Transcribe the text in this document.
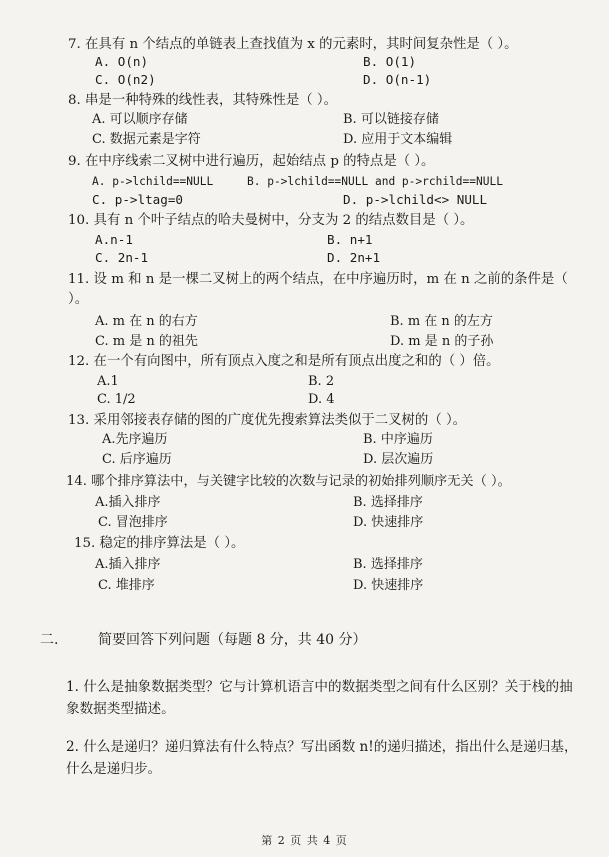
7. 在具有 n 个结点的单链表上查找值为 x 的元素时，其时间复杂性是（ ）。
A. O(n)	B. O(1)
C. O(n2)	D. O(n-1)
8. 串是一种特殊的线性表，其特殊性是（ ）。
A. 可以顺序存储	B. 可以链接存储
C. 数据元素是字符	D. 应用于文本编辑
9. 在中序线索二叉树中进行遍历，起始结点 p 的特点是（ ）。
A. p->lchild==NULL	B. p->lchild==NULL and p->rchild==NULL
C. p->ltag=0	D. p->lchild<> NULL
10. 具有 n 个叶子结点的哈夫曼树中，分支为 2 的结点数目是（ ）。
A.n-1	B. n+1
C. 2n-1	D. 2n+1
11. 设 m 和 n 是一棵二叉树上的两个结点，在中序遍历时，m 在 n 之前的条件是（ ）。
A. m 在 n 的右方	B. m 在 n 的左方
C. m 是 n 的祖先	D. m 是 n 的子孙
12. 在一个有向图中，所有顶点入度之和是所有顶点出度之和的（ ）倍。
A.1	B. 2
C. 1/2	D. 4
13. 采用邻接表存储的图的广度优先搜索算法类似于二叉树的（ ）。
A.先序遍历	B. 中序遍历
C. 后序遍历	D. 层次遍历
14. 哪个排序算法中，与关键字比较的次数与记录的初始排列顺序无关（ ）。
A.插入排序	B. 选择排序
C. 冒泡排序	D. 快速排序
15. 稳定的排序算法是（ ）。
A.插入排序	B. 选择排序
C. 堆排序	D. 快速排序
二.	简要回答下列问题（每题 8 分，共 40 分）
1. 什么是抽象数据类型？它与计算机语言中的数据类型之间有什么区别？关于栈的抽象数据类型描述。
2. 什么是递归？递归算法有什么特点？写出函数 n!的递归描述，指出什么是递归基，什么是递归步。
第 2 页 共 4 页
